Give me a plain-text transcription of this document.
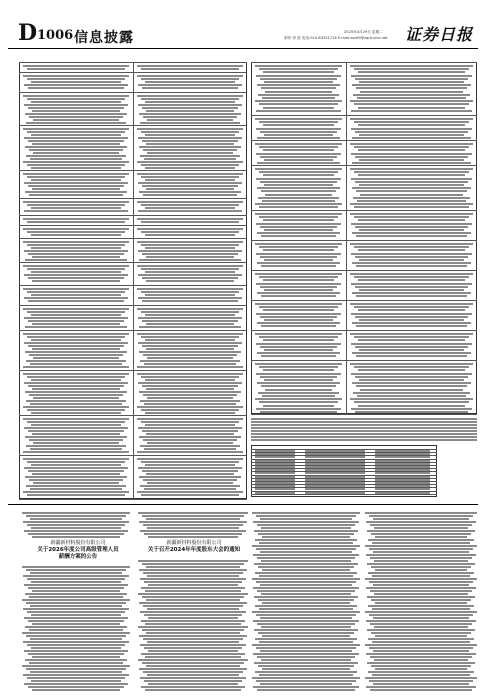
D 1006 信息披露	2025年4月29日 星期二
制作:李 波 电话:010-83251716 E-mail:zqrb9@zqrb.sina.net 证券日报
新疆新材料股份有限公司
关于2026年度公司高级管理人员
薪酬方案的公告
新疆新材料股份有限公司
关于召开2024年年度股东大会的通知
